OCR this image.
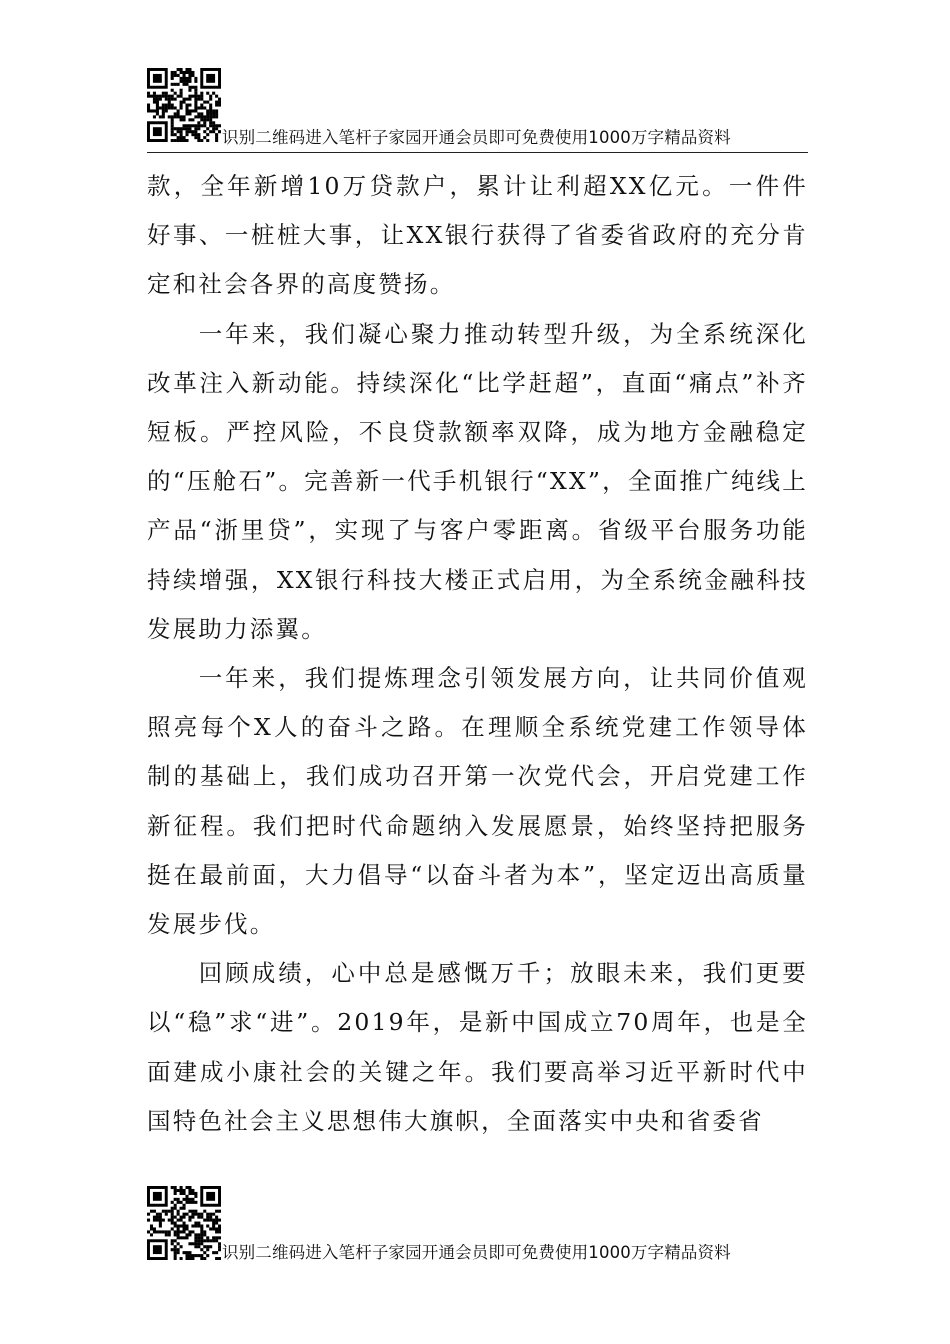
识别二维码进入笔杆子家园开通会员即可免费使用1000万字精品资料

款，全年新增10万贷款户，累计让利超XX亿元。一件件好事、一桩桩大事，让XX银行获得了省委省政府的充分肯定和社会各界的高度赞扬。

一年来，我们凝心聚力推动转型升级，为全系统深化改革注入新动能。持续深化“比学赶超”，直面“痛点”补齐短板。严控风险，不良贷款额率双降，成为地方金融稳定的“压舱石”。完善新一代手机银行“XX”，全面推广纯线上产品“浙里贷”，实现了与客户零距离。省级平台服务功能持续增强，XX银行科技大楼正式启用，为全系统金融科技发展助力添翼。

一年来，我们提炼理念引领发展方向，让共同价值观照亮每个X人的奋斗之路。在理顺全系统党建工作领导体制的基础上，我们成功召开第一次党代会，开启党建工作新征程。我们把时代命题纳入发展愿景，始终坚持把服务挺在最前面，大力倡导“以奋斗者为本”，坚定迈出高质量发展步伐。

回顾成绩，心中总是感慨万千；放眼未来，我们更要以“稳”求“进”。2019年，是新中国成立70周年，也是全面建成小康社会的关键之年。我们要高举习近平新时代中国特色社会主义思想伟大旗帜，全面落实中央和省委省

识别二维码进入笔杆子家园开通会员即可免费使用1000万字精品资料
